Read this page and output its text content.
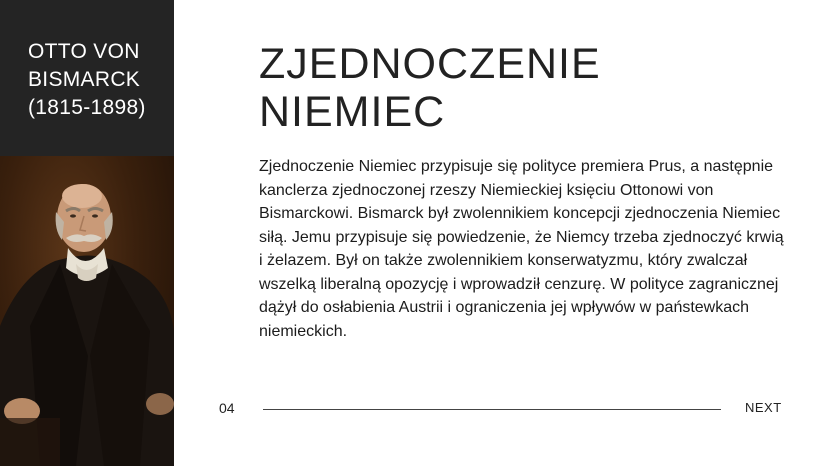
OTTO VON
BISMARCK
(1815-1898)
ZJEDNOCZENIE
NIEMIEC

Zjednoczenie Niemiec przypisuje się polityce premiera Prus, a następnie kanclerza zjednoczonej rzeszy Niemieckiej księciu Ottonowi von Bismarckowi. Bismarck był zwolennikiem koncepcji zjednoczenia Niemiec siłą. Jemu przypisuje się powiedzenie, że Niemcy trzeba zjednoczyć krwią i żelazem. Był on także zwolennikiem konserwatyzmu, który zwalczał wszelką liberalną opozycję i wprowadził cenzurę. W polityce zagranicznej dążył do osłabienia Austrii i ograniczenia jej wpływów w państewkach niemieckich.

04	NEXT
